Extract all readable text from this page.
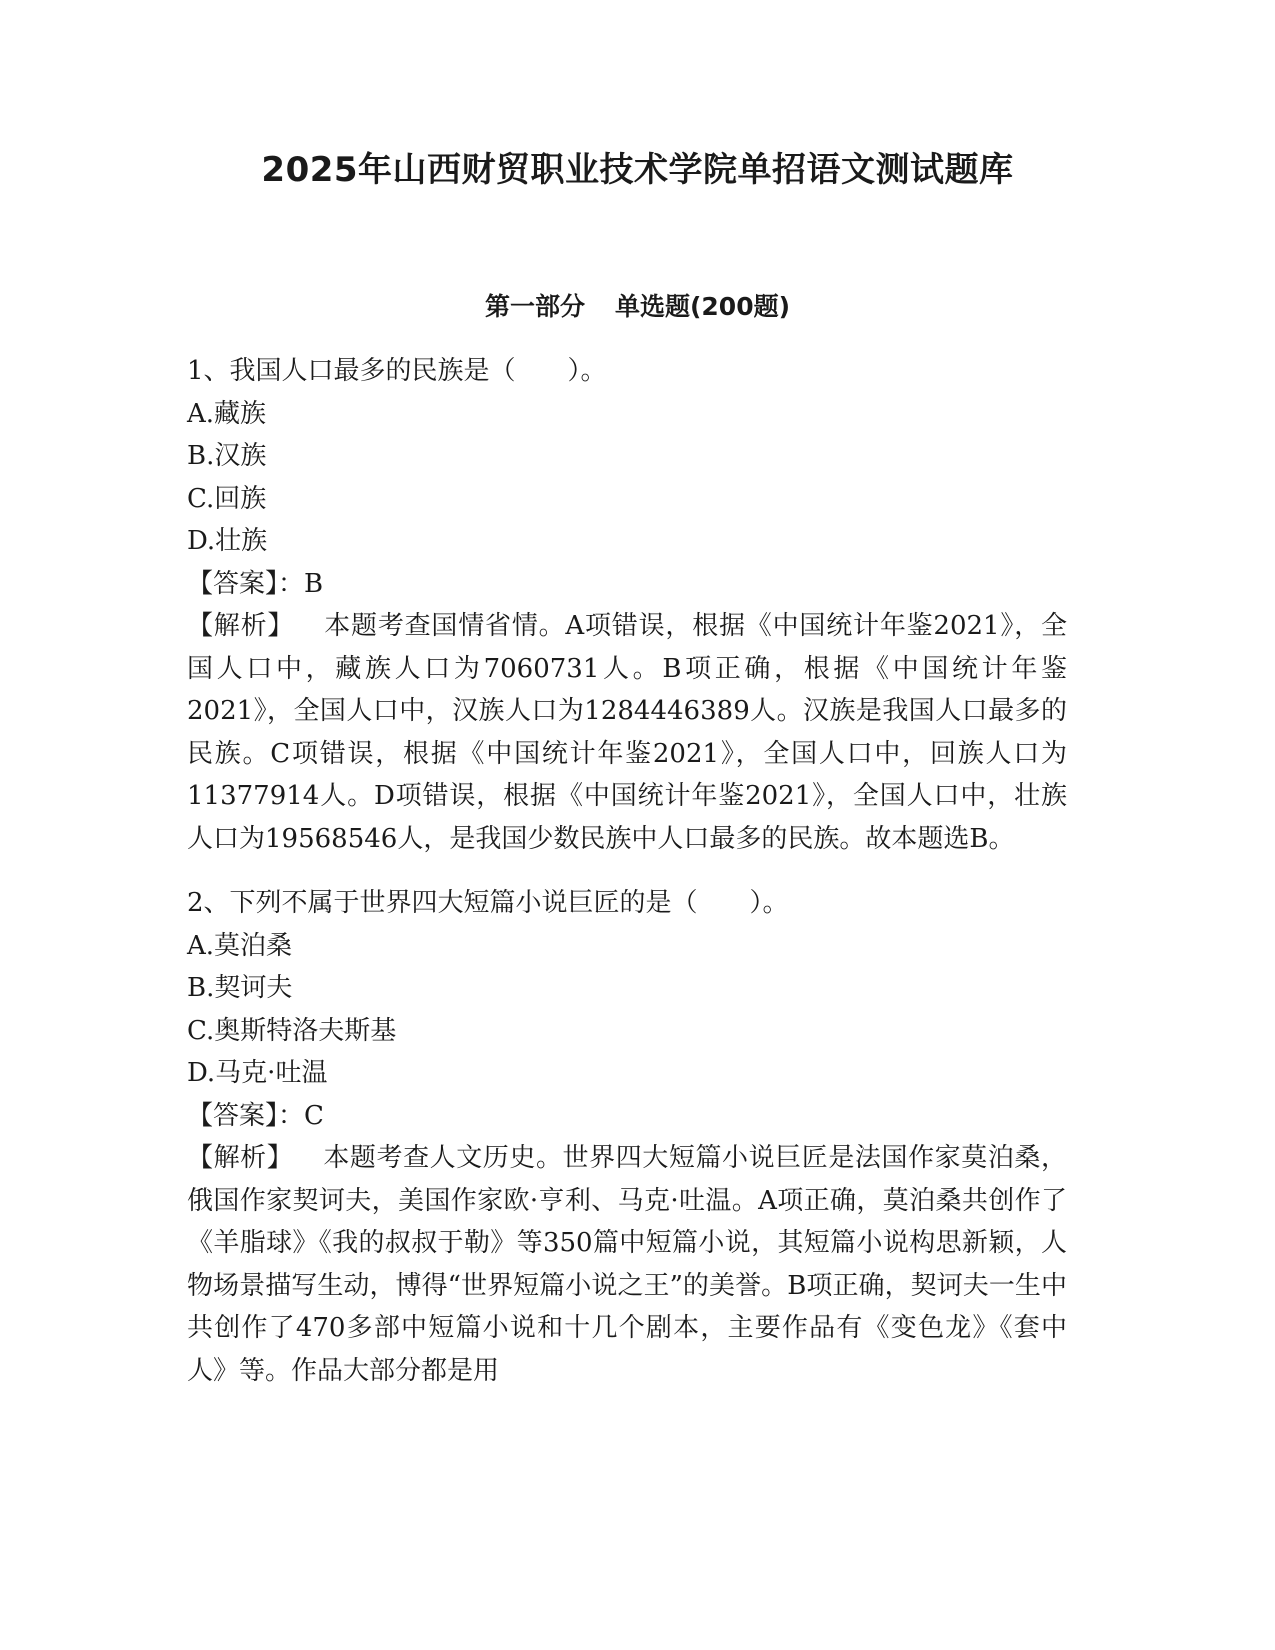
2025年山西财贸职业技术学院单招语文测试题库
第一部分 单选题(200题)
1、我国人口最多的民族是（　　）。
A.藏族
B.汉族
C.回族
D.壮族
【答案】：B
【解析】 本题考查国情省情。A项错误，根据《中国统计年鉴2021》，全国人口中，藏族人口为7060731人。B项正确，根据《中国统计年鉴2021》，全国人口中，汉族人口为1284446389人。汉族是我国人口最多的民族。C项错误，根据《中国统计年鉴2021》，全国人口中，回族人口为11377914人。D项错误，根据《中国统计年鉴2021》，全国人口中，壮族人口为19568546人，是我国少数民族中人口最多的民族。故本题选B。
2、下列不属于世界四大短篇小说巨匠的是（　　）。
A.莫泊桑
B.契诃夫
C.奥斯特洛夫斯基
D.马克·吐温
【答案】：C
【解析】 本题考查人文历史。世界四大短篇小说巨匠是法国作家莫泊桑，俄国作家契诃夫，美国作家欧·亨利、马克·吐温。A项正确，莫泊桑共创作了《羊脂球》《我的叔叔于勒》等350篇中短篇小说，其短篇小说构思新颖，人物场景描写生动，博得“世界短篇小说之王”的美誉。B项正确，契诃夫一生中共创作了470多部中短篇小说和十几个剧本，主要作品有《变色龙》《套中人》等。作品大部分都是用
